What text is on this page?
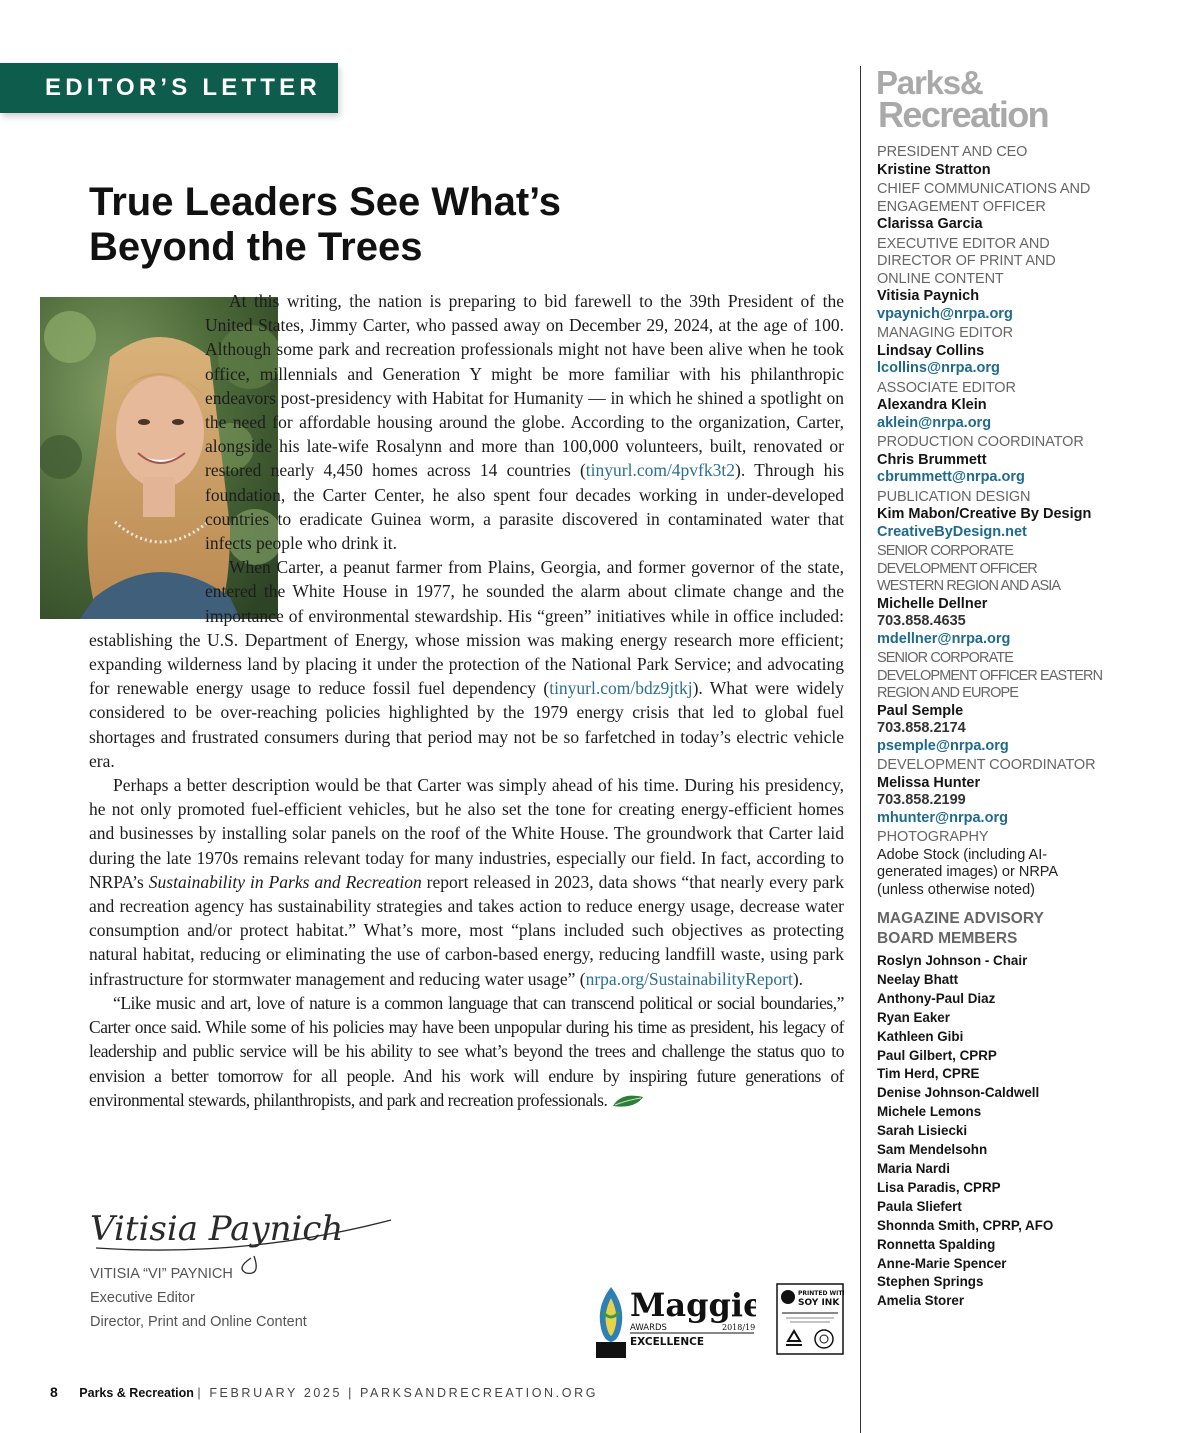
EDITOR’S LETTER
True Leaders See What’s
Beyond the Trees

At this writing, the nation is preparing to bid farewell to the 39th President of the United States, Jimmy Carter, who passed away on December 29, 2024, at the age of 100. Although some park and recreation professionals might not have been alive when he took office, millennials and Generation Y might be more familiar with his philanthropic endeavors post-presidency with Habitat for Humanity — in which he shined a spotlight on the need for affordable housing around the globe. According to the organization, Carter, alongside his late-wife Rosalynn and more than 100,000 volunteers, built, renovated or restored nearly 4,450 homes across 14 countries (tinyurl.com/4pvfk3t2). Through his foundation, the Carter Center, he also spent four decades working in under-developed countries to eradicate Guinea worm, a parasite discovered in contaminated water that infects people who drink it.

When Carter, a peanut farmer from Plains, Georgia, and former governor of the state, entered the White House in 1977, he sounded the alarm about climate change and the importance of environmental stewardship. His “green” initiatives while in office included: establishing the U.S. Department of Energy, whose mission was making energy research more efficient; expanding wilderness land by placing it under the protection of the National Park Service; and advocating for renewable energy usage to reduce fossil fuel dependency (tinyurl.com/bdz9jtkj). What were widely considered to be over-reaching policies highlighted by the 1979 energy crisis that led to global fuel shortages and frustrated consumers during that period may not be so farfetched in today’s electric vehicle era.

Perhaps a better description would be that Carter was simply ahead of his time. During his presidency, he not only promoted fuel-efficient vehicles, but he also set the tone for creating energy-efficient homes and businesses by installing solar panels on the roof of the White House. The groundwork that Carter laid during the late 1970s remains relevant today for many industries, especially our field. In fact, according to NRPA’s Sustainability in Parks and Recreation report released in 2023, data shows “that nearly every park and recreation agency has sustainability strategies and takes action to reduce energy usage, decrease water consumption and/or protect habitat.” What’s more, most “plans included such objectives as protecting natural habitat, reducing or eliminating the use of carbon-based energy, reducing landfill waste, using park infrastructure for stormwater management and reducing water usage” (nrpa.org/SustainabilityReport).

“Like music and art, love of nature is a common language that can transcend political or social boundaries,” Carter once said. While some of his policies may have been unpopular during his time as president, his legacy of leadership and public service will be his ability to see what’s beyond the trees and challenge the status quo to envision a better tomorrow for all people. And his work will endure by inspiring future generations of environmental stewards, philanthropists, and park and recreation professionals.

Vitisia Paynich
VITISIA “VI” PAYNICH
Executive Editor
Director, Print and Online Content	Maggie
AWARDS	2018/19
EXCELLENCE
PRINTED WITH
SOY INK
8 Parks & Recreation | FEBRUARY 2025 | PARKSANDRECREATION.ORG
Parks&
Recreation
PRESIDENT AND CEO
Kristine Stratton
CHIEF COMMUNICATIONS AND ENGAGEMENT OFFICER
Clarissa Garcia
EXECUTIVE EDITOR AND DIRECTOR OF PRINT AND ONLINE CONTENT
Vitisia Paynich
vpaynich@nrpa.org
MANAGING EDITOR
Lindsay Collins
lcollins@nrpa.org
ASSOCIATE EDITOR
Alexandra Klein
aklein@nrpa.org
PRODUCTION COORDINATOR
Chris Brummett
cbrummett@nrpa.org
PUBLICATION DESIGN
Kim Mabon/Creative By Design
CreativeByDesign.net
SENIOR CORPORATE DEVELOPMENT OFFICER WESTERN REGION AND ASIA
Michelle Dellner
703.858.4635
mdellner@nrpa.org
SENIOR CORPORATE DEVELOPMENT OFFICER EASTERN REGION AND EUROPE
Paul Semple
703.858.2174
psemple@nrpa.org
DEVELOPMENT COORDINATOR
Melissa Hunter
703.858.2199
mhunter@nrpa.org
PHOTOGRAPHY
Adobe Stock (including AI-generated images) or NRPA (unless otherwise noted)
MAGAZINE ADVISORY
BOARD MEMBERS
Roslyn Johnson - Chair
Neelay Bhatt
Anthony-Paul Diaz
Ryan Eaker
Kathleen Gibi
Paul Gilbert, CPRP
Tim Herd, CPRE
Denise Johnson-Caldwell
Michele Lemons
Sarah Lisiecki
Sam Mendelsohn
Maria Nardi
Lisa Paradis, CPRP
Paula Sliefert
Shonnda Smith, CPRP, AFO
Ronnetta Spalding
Anne-Marie Spencer
Stephen Springs
Amelia Storer
